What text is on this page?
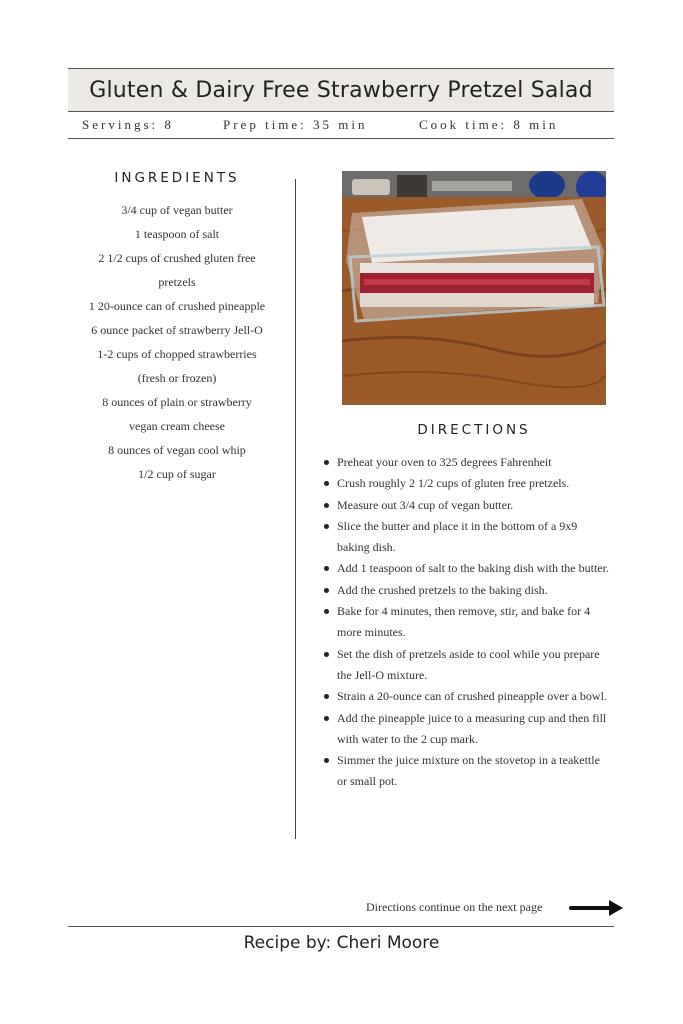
Gluten & Dairy Free Strawberry Pretzel Salad
Servings: 8	Prep time: 35 min	Cook time: 8 min
INGREDIENTS
3/4 cup of vegan butter
1 teaspoon of salt
2 1/2 cups of crushed gluten free
pretzels
1 20-ounce can of crushed pineapple
6 ounce packet of strawberry Jell-O
1-2 cups of chopped strawberries
(fresh or frozen)
8 ounces of plain or strawberry
vegan cream cheese
8 ounces of vegan cool whip
1/2 cup of sugar
DIRECTIONS
Preheat your oven to 325 degrees Fahrenheit
Crush roughly 2 1/2 cups of gluten free pretzels.
Measure out 3/4 cup of vegan butter.
Slice the butter and place it in the bottom of a 9x9 baking dish.
Add 1 teaspoon of salt to the baking dish with the butter.
Add the crushed pretzels to the baking dish.
Bake for 4 minutes, then remove, stir, and bake for 4 more minutes.
Set the dish of pretzels aside to cool while you prepare the Jell-O mixture.
Strain a 20-ounce can of crushed pineapple over a bowl.
Add the pineapple juice to a measuring cup and then fill with water to the 2 cup mark.
Simmer the juice mixture on the stovetop in a teakettle or small pot.
Directions continue on the next page
Recipe by: Cheri Moore
